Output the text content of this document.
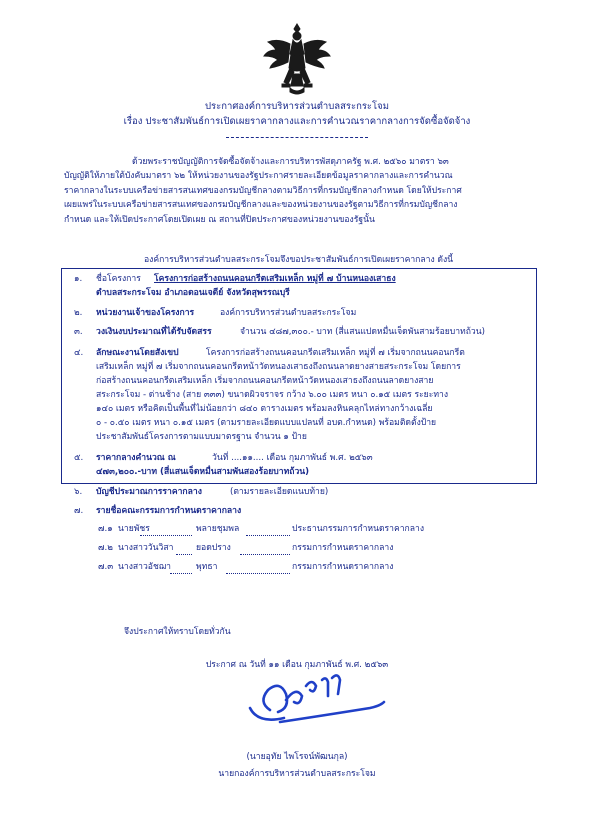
ประกาศองค์การบริหารส่วนตำบลสระกระโจม
เรื่อง ประชาสัมพันธ์การเปิดเผยราคากลางและการคำนวณราคากลางการจัดซื้อจัดจ้าง
ด้วยพระราชบัญญัติการจัดซื้อจัดจ้างและการบริหารพัสดุภาครัฐ พ.ศ. ๒๕๖๐ มาตรา ๖๓
บัญญัติให้ภายใต้บังคับมาตรา ๖๒ ให้หน่วยงานของรัฐประกาศรายละเอียดข้อมูลราคากลางและการคำนวณ
ราคากลางในระบบเครือข่ายสารสนเทศของกรมบัญชีกลางตามวิธีการที่กรมบัญชีกลางกำหนด โดยให้ประกาศ
เผยแพร่ในระบบเครือข่ายสารสนเทศของกรมบัญชีกลางและของหน่วยงานของรัฐตามวิธีการที่กรมบัญชีกลาง
กำหนด และให้เปิดประกาศโดยเปิดเผย ณ สถานที่ปิดประกาศของหน่วยงานของรัฐนั้น
องค์การบริหารส่วนตำบลสระกระโจมจึงขอประชาสัมพันธ์การเปิดเผยราคากลาง ดังนี้
๑. ชื่อโครงการ โครงการก่อสร้างถนนคอนกรีตเสริมเหล็ก หมู่ที่ ๗ บ้านหนองเสาธง
ตำบลสระกระโจม อำเภอดอนเจดีย์ จังหวัดสุพรรณบุรี
๒. หน่วยงานเจ้าของโครงการ	องค์การบริหารส่วนตำบลสระกระโจม
๓. วงเงินงบประมาณที่ได้รับจัดสรร	จำนวน ๔๘๗,๓๐๐.- บาท (สี่แสนแปดหมื่นเจ็ดพันสามร้อยบาทถ้วน)
๔. ลักษณะงานโดยสังเขป	โครงการก่อสร้างถนนคอนกรีตเสริมเหล็ก หมู่ที่ ๗ เริ่มจากถนนคอนกรีต
เสริมเหล็ก หมู่ที่ ๗ เริ่มจากถนนคอนกรีตหน้าวัดหนองเสาธงถึงถนนลาดยางสายสระกระโจม โดยการ
ก่อสร้างถนนคอนกรีตเสริมเหล็ก เริ่มจากถนนคอนกรีตหน้าวัดหนองเสาธงถึงถนนลาดยางสาย
สระกระโจม - ด่านช้าง (สาย ๓๓๓) ขนาดผิวจราจร กว้าง ๖.๐๐ เมตร หนา ๐.๑๕ เมตร ระยะทาง
๑๔๐ เมตร หรือคิดเป็นพื้นที่ไม่น้อยกว่า ๘๔๐ ตารางเมตร พร้อมลงหินคลุกไหล่ทางกว้างเฉลี่ย
๐ - ๐.๕๐ เมตร หนา ๐.๑๕ เมตร (ตามรายละเอียดแบบแปลนที่ อบต.กำหนด) พร้อมติดตั้งป้าย
ประชาสัมพันธ์โครงการตามแบบมาตรฐาน จำนวน ๑ ป้าย
๕. ราคากลางคำนวณ ณ	วันที่ ....๑๑.... เดือน กุมภาพันธ์ พ.ศ. ๒๕๖๓
๔๗๓,๒๐๐.-บาท (สี่แสนเจ็ดหมื่นสามพันสองร้อยบาทถ้วน)
๖. บัญชีประมาณการราคากลาง	(ตามรายละเอียดแนบท้าย)
๗. รายชื่อคณะกรรมการกำหนดราคากลาง
๗.๑ นายพัชร	พลายชุมพล	ประธานกรรมการกำหนดราคากลาง
๗.๒ นางสาววันวิสา	ยอดปราง	กรรมการกำหนดราคากลาง
๗.๓ นางสาวอัชฌา	พุทธา	กรรมการกำหนดราคากลาง
จึงประกาศให้ทราบโดยทั่วกัน
ประกาศ ณ วันที่ ๑๑ เดือน กุมภาพันธ์ พ.ศ. ๒๕๖๓
(นายอุทัย ไพโรจน์พัฒนกุล)
นายกองค์การบริหารส่วนตำบลสระกระโจม
